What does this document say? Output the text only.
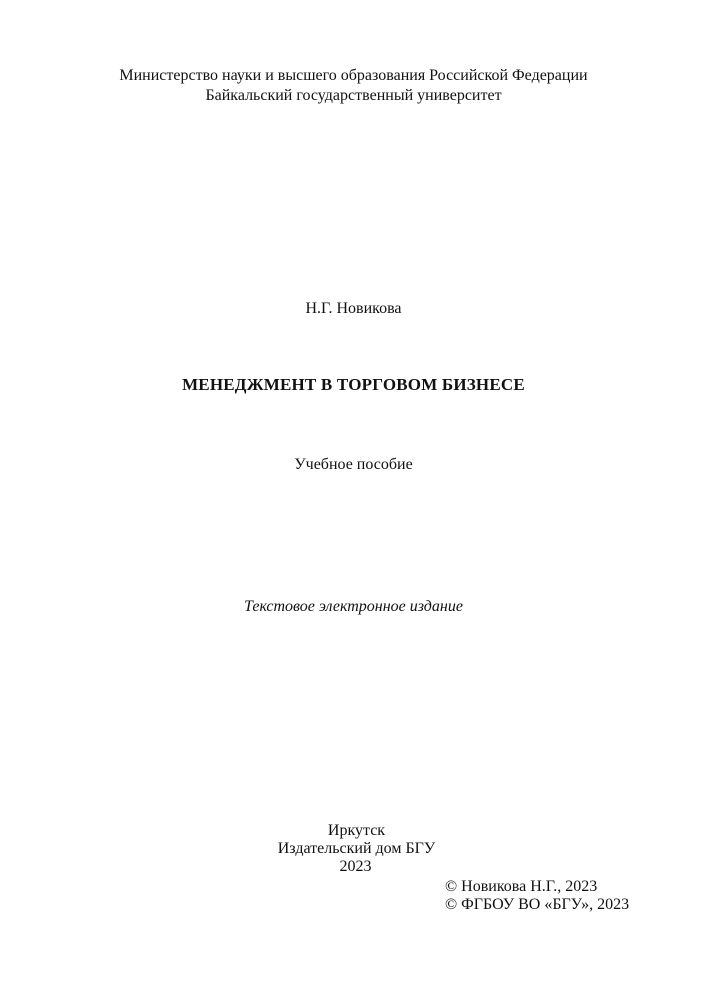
Министерство науки и высшего образования Российской Федерации
Байкальский государственный университет
Н.Г. Новикова
МЕНЕДЖМЕНТ В ТОРГОВОМ БИЗНЕСЕ
Учебное пособие
Текстовое электронное издание
Иркутск
Издательский дом БГУ
2023
© Новикова Н.Г., 2023
© ФГБОУ ВО «БГУ», 2023
